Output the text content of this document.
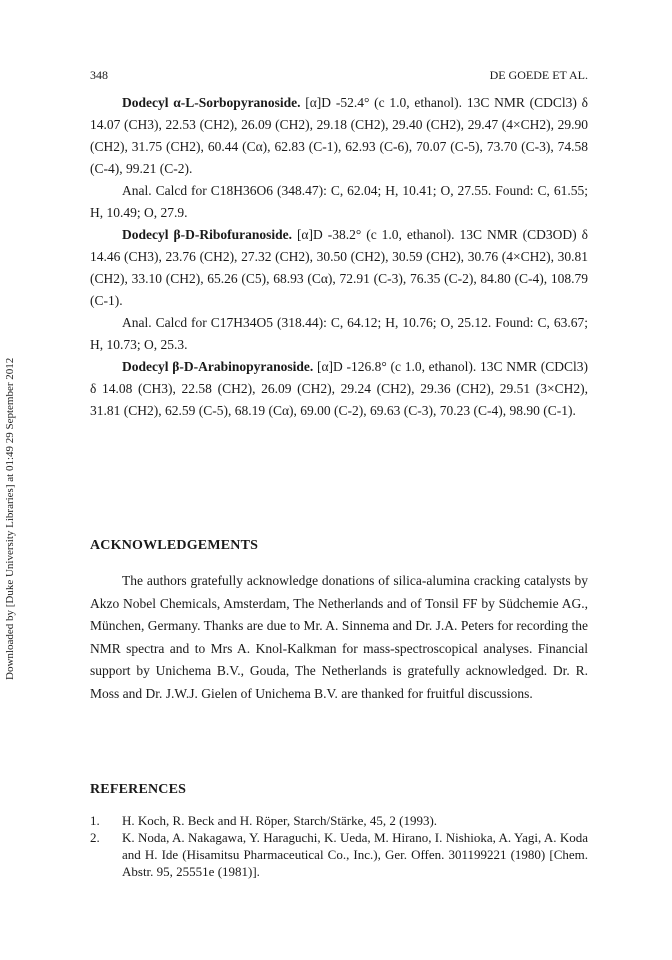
348	DE GOEDE ET AL.
Downloaded by [Duke University Libraries] at 01:49 29 September 2012

Dodecyl α-L-Sorbopyranoside. [α]D -52.4° (c 1.0, ethanol). 13C NMR (CDCl3) δ 14.07 (CH3), 22.53 (CH2), 26.09 (CH2), 29.18 (CH2), 29.40 (CH2), 29.47 (4×CH2), 29.90 (CH2), 31.75 (CH2), 60.44 (Cα), 62.83 (C-1), 62.93 (C-6), 70.07 (C-5), 73.70 (C-3), 74.58 (C-4), 99.21 (C-2).

Anal. Calcd for C18H36O6 (348.47): C, 62.04; H, 10.41; O, 27.55. Found: C, 61.55; H, 10.49; O, 27.9.

Dodecyl β-D-Ribofuranoside. [α]D -38.2° (c 1.0, ethanol). 13C NMR (CD3OD) δ 14.46 (CH3), 23.76 (CH2), 27.32 (CH2), 30.50 (CH2), 30.59 (CH2), 30.76 (4×CH2), 30.81 (CH2), 33.10 (CH2), 65.26 (C5), 68.93 (Cα), 72.91 (C-3), 76.35 (C-2), 84.80 (C-4), 108.79 (C-1).

Anal. Calcd for C17H34O5 (318.44): C, 64.12; H, 10.76; O, 25.12. Found: C, 63.67; H, 10.73; O, 25.3.

Dodecyl β-D-Arabinopyranoside. [α]D -126.8° (c 1.0, ethanol). 13C NMR (CDCl3) δ 14.08 (CH3), 22.58 (CH2), 26.09 (CH2), 29.24 (CH2), 29.36 (CH2), 29.51 (3×CH2), 31.81 (CH2), 62.59 (C-5), 68.19 (Cα), 69.00 (C-2), 69.63 (C-3), 70.23 (C-4), 98.90 (C-1).

ACKNOWLEDGEMENTS

The authors gratefully acknowledge donations of silica-alumina cracking catalysts by Akzo Nobel Chemicals, Amsterdam, The Netherlands and of Tonsil FF by Südchemie AG., München, Germany. Thanks are due to Mr. A. Sinnema and Dr. J.A. Peters for recording the NMR spectra and to Mrs A. Knol-Kalkman for mass-spectroscopical analyses. Financial support by Unichema B.V., Gouda, The Netherlands is gratefully acknowledged. Dr. R. Moss and Dr. J.W.J. Gielen of Unichema B.V. are thanked for fruitful discussions.

REFERENCES
1. H. Koch, R. Beck and H. Röper, Starch/Stärke, 45, 2 (1993).
2. K. Noda, A. Nakagawa, Y. Haraguchi, K. Ueda, M. Hirano, I. Nishioka, A. Yagi, A. Koda and H. Ide (Hisamitsu Pharmaceutical Co., Inc.), Ger. Offen. 301199221 (1980) [Chem. Abstr. 95, 25551e (1981)].
